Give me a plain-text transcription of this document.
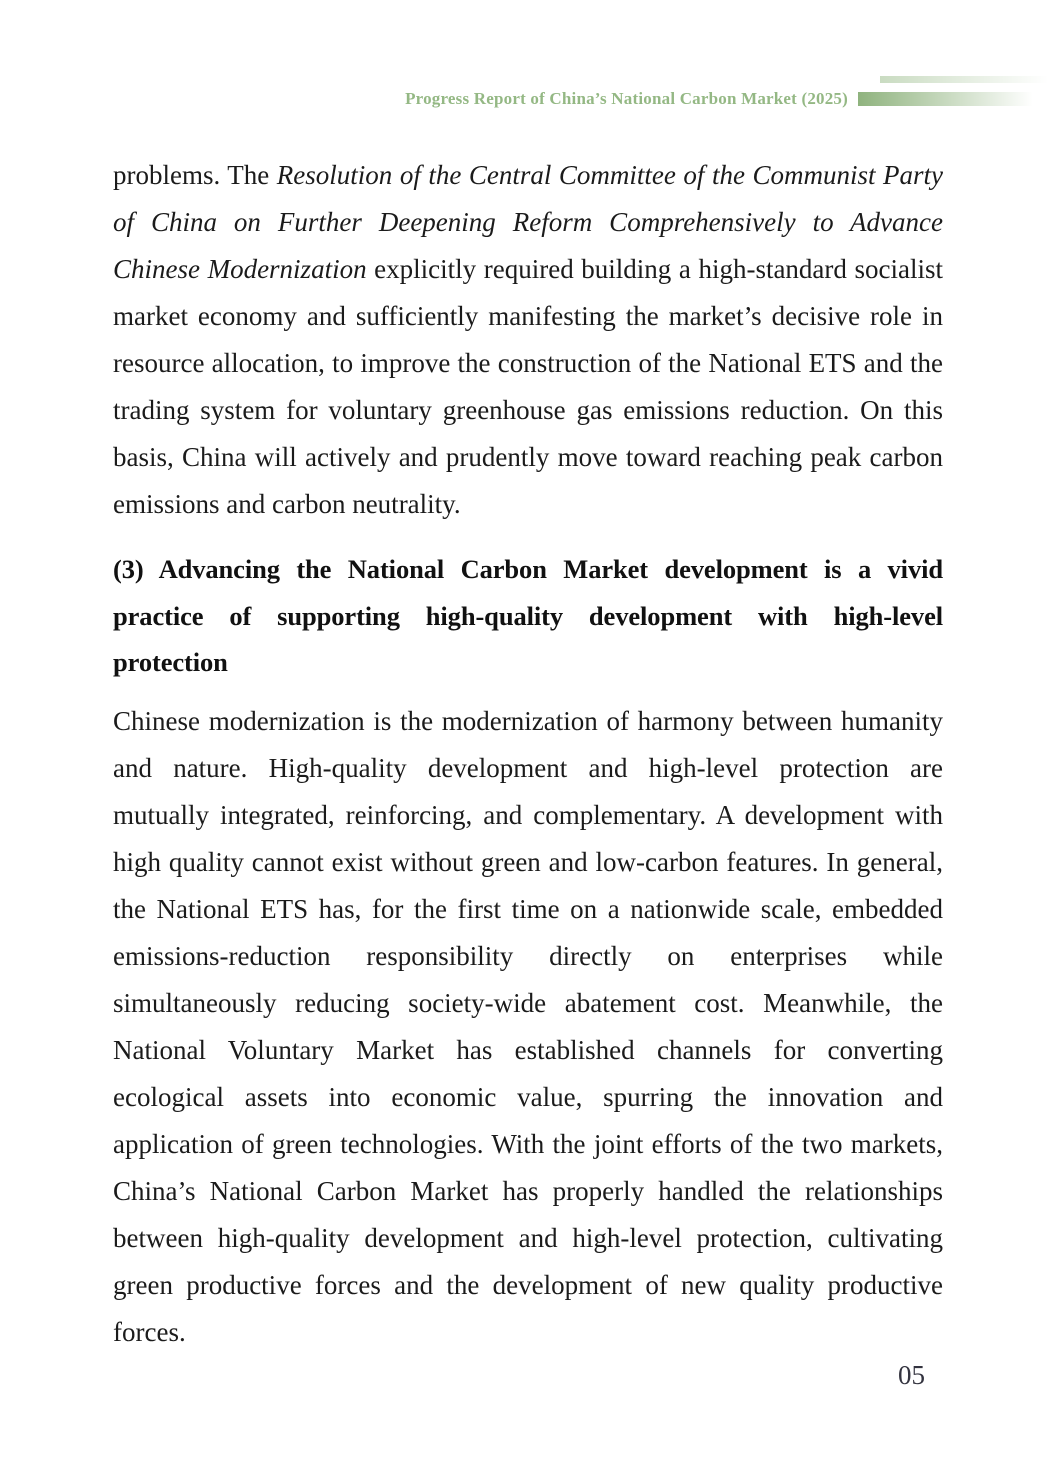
Progress Report of China’s National Carbon Market (2025)

problems. The Resolution of the Central Committee of the Communist Party of China on Further Deepening Reform Comprehensively to Advance Chinese Modernization explicitly required building a high-standard socialist market economy and sufficiently manifesting the market’s decisive role in resource allocation, to improve the construction of the National ETS and the trading system for voluntary greenhouse gas emissions reduction. On this basis, China will actively and prudently move toward reaching peak carbon emissions and carbon neutrality.

(3) Advancing the National Carbon Market development is a vivid practice of supporting high-quality development with high-level protection

Chinese modernization is the modernization of harmony between humanity and nature. High-quality development and high-level protection are mutually integrated, reinforcing, and complementary. A development with high quality cannot exist without green and low-carbon features. In general, the National ETS has, for the first time on a nationwide scale, embedded emissions-reduction responsibility directly on enterprises while simultaneously reducing society-wide abatement cost. Meanwhile, the National Voluntary Market has established channels for converting ecological assets into economic value, spurring the innovation and application of green technologies. With the joint efforts of the two markets, China’s National Carbon Market has properly handled the relationships between high-quality development and high-level protection, cultivating green productive forces and the development of new quality productive forces.

05
